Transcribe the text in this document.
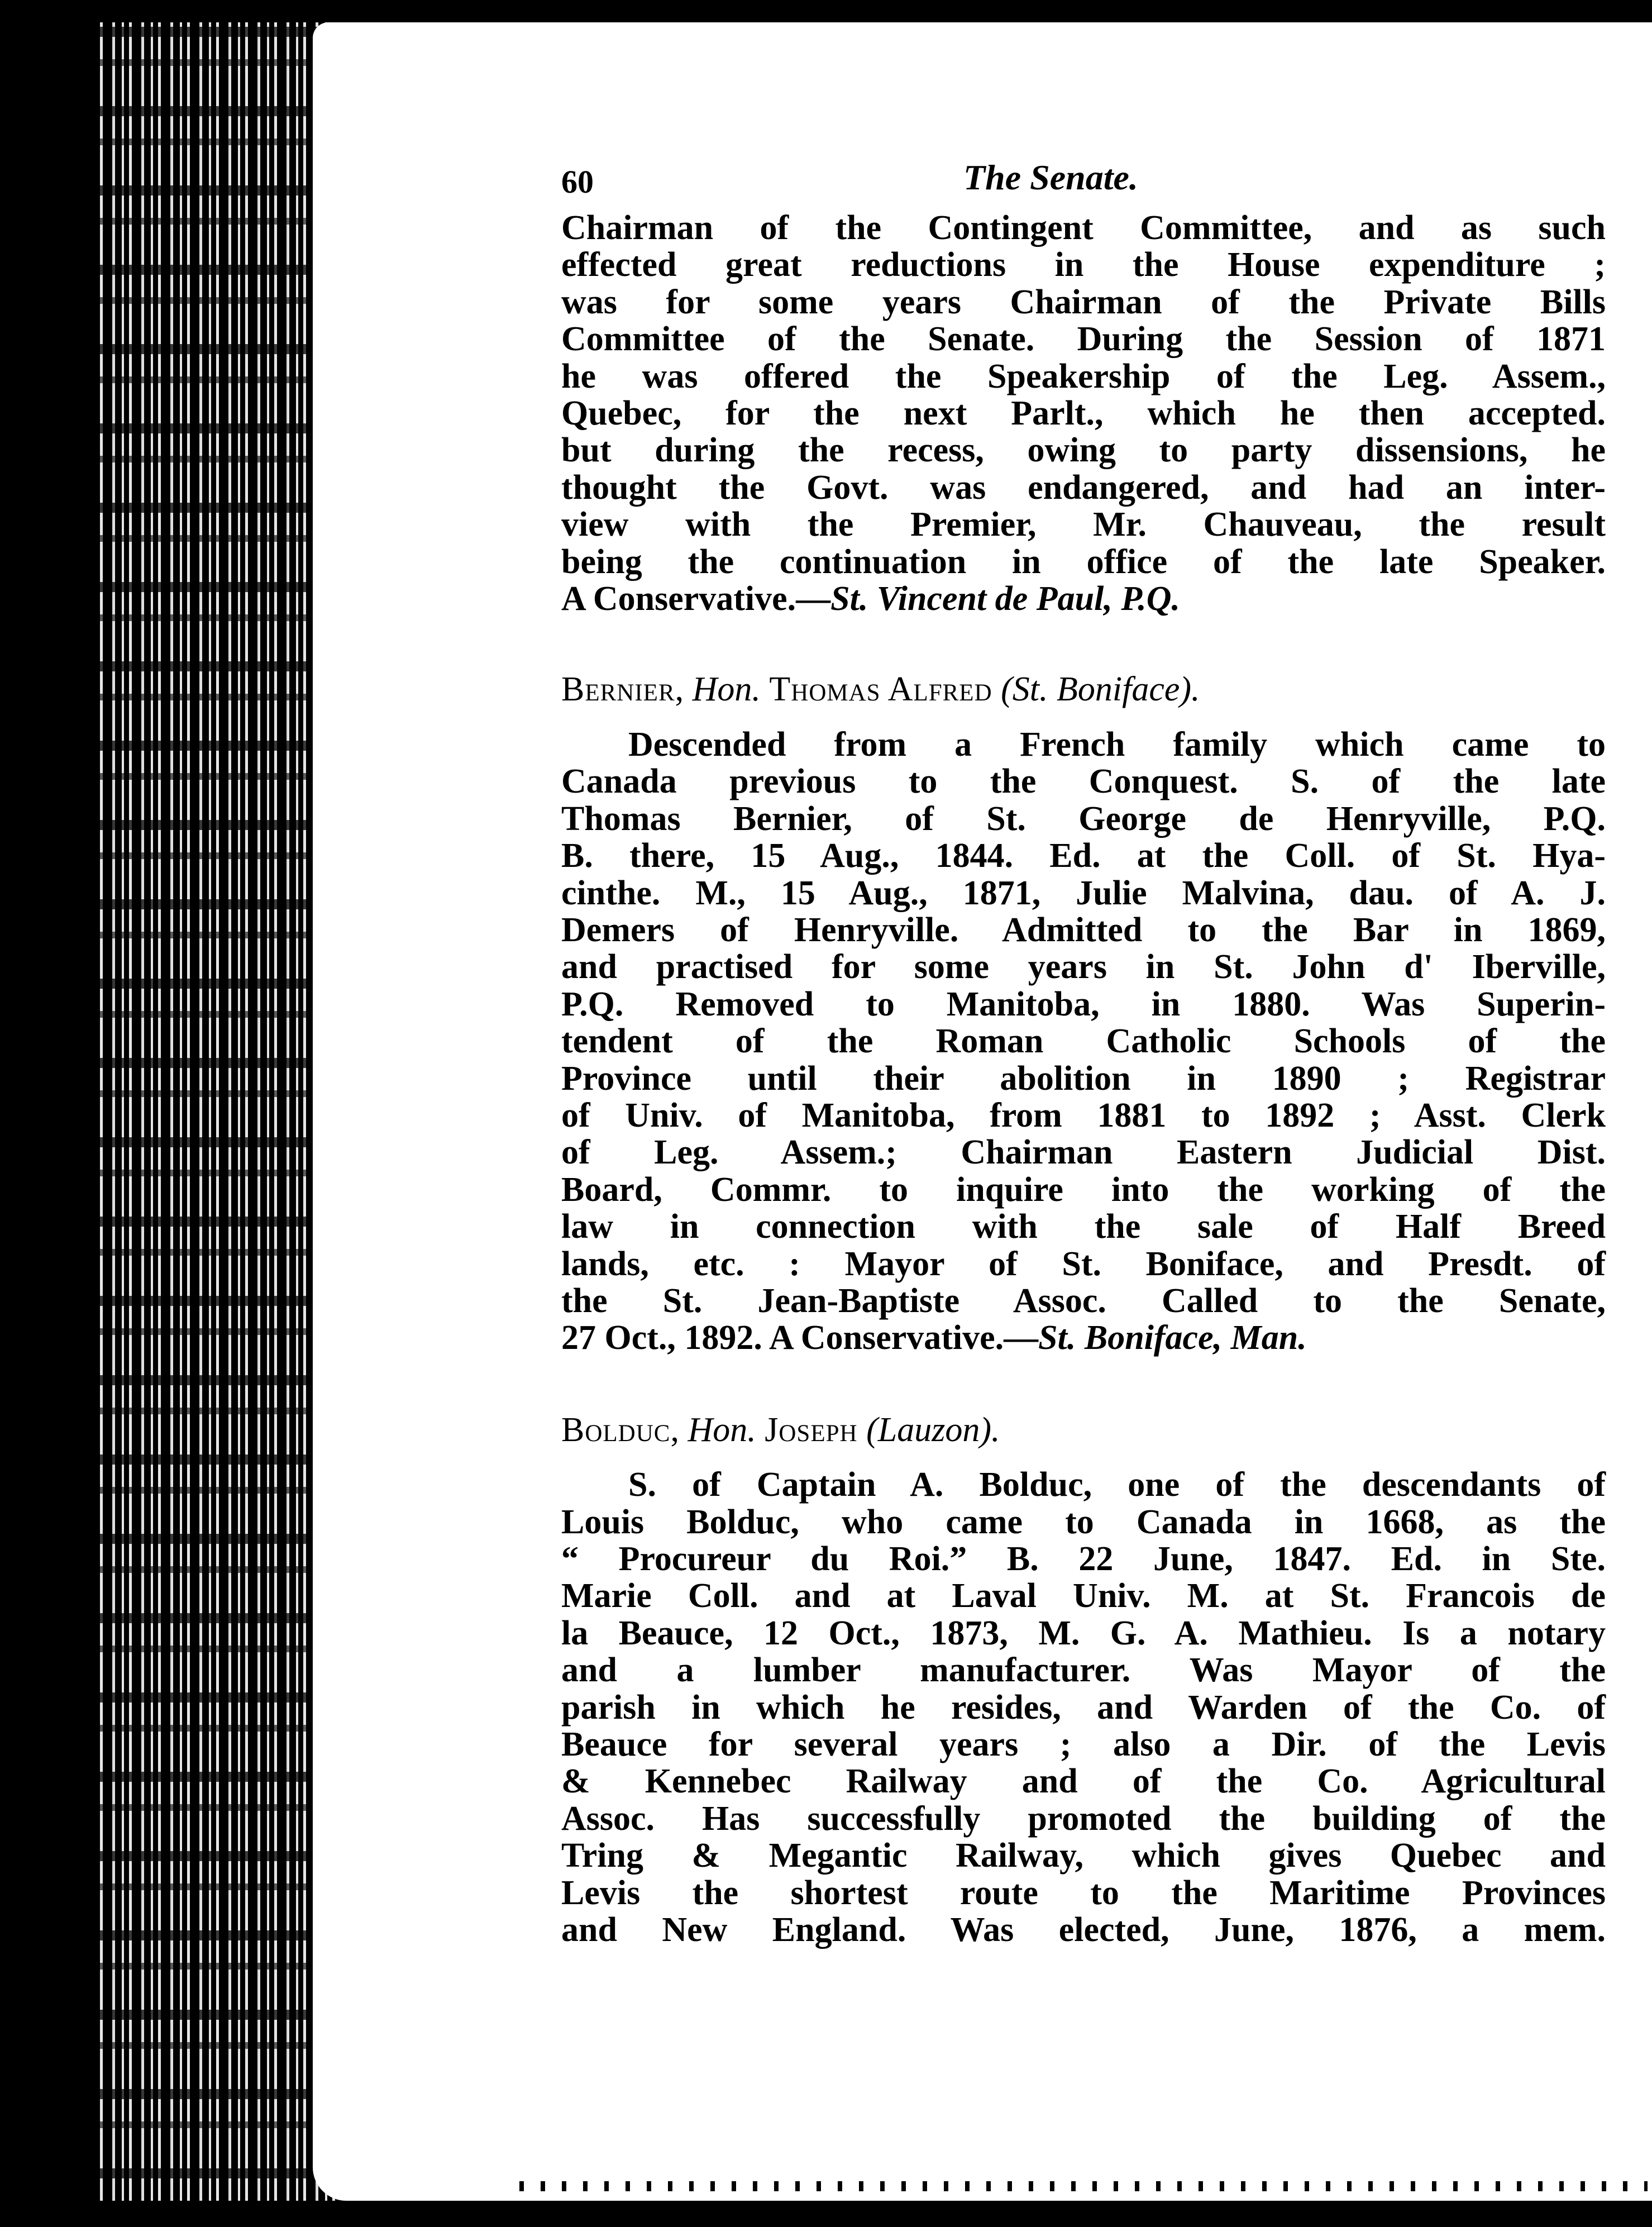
60	The Senate.
Chairman of the Contingent Committee, and as such
effected great reductions in the House expenditure ;
was for some years Chairman of the Private Bills
Committee of the Senate. During the Session of 1871
he was offered the Speakership of the Leg. Assem.,
Quebec, for the next Parlt., which he then accepted.
but during the recess, owing to party dissensions, he
thought the Govt. was endangered, and had an inter-
view with the Premier, Mr. Chauveau, the result
being the continuation in office of the late Speaker.
A Conservative.—St. Vincent de Paul, P.Q.

Bernier, Hon. Thomas Alfred (St. Boniface).

Descended from a French family which came to
Canada previous to the Conquest. S. of the late
Thomas Bernier, of St. George de Henryville, P.Q.
B. there, 15 Aug., 1844. Ed. at the Coll. of St. Hya-
cinthe. M., 15 Aug., 1871, Julie Malvina, dau. of A. J.
Demers of Henryville. Admitted to the Bar in 1869,
and practised for some years in St. John d' Iberville,
P.Q. Removed to Manitoba, in 1880. Was Superin-
tendent of the Roman Catholic Schools of the
Province until their abolition in 1890 ; Registrar
of Univ. of Manitoba, from 1881 to 1892 ; Asst. Clerk
of Leg. Assem.; Chairman Eastern Judicial Dist.
Board, Commr. to inquire into the working of the
law in connection with the sale of Half Breed
lands, etc. : Mayor of St. Boniface, and Presdt. of
the St. Jean-Baptiste Assoc. Called to the Senate,
27 Oct., 1892. A Conservative.—St. Boniface, Man.

Bolduc, Hon. Joseph (Lauzon).

S. of Captain A. Bolduc, one of the descendants of
Louis Bolduc, who came to Canada in 1668, as the
“ Procureur du Roi.” B. 22 June, 1847. Ed. in Ste.
Marie Coll. and at Laval Univ. M. at St. Francois de
la Beauce, 12 Oct., 1873, M. G. A. Mathieu. Is a notary
and a lumber manufacturer. Was Mayor of the
parish in which he resides, and Warden of the Co. of
Beauce for several years ; also a Dir. of the Levis
& Kennebec Railway and of the Co. Agricultural
Assoc. Has successfully promoted the building of the
Tring & Megantic Railway, which gives Quebec and
Levis the shortest route to the Maritime Provinces
and New England. Was elected, June, 1876, a mem.
